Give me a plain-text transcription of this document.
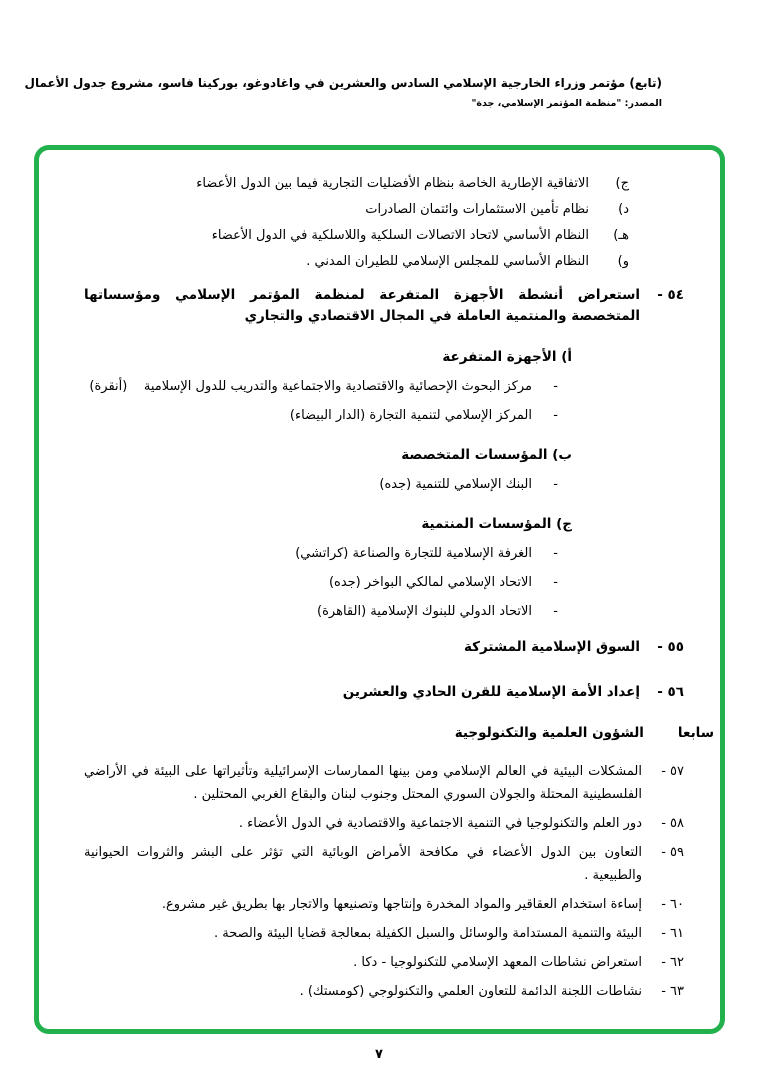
(تابع) مؤتمر وزراء الخارجية الإسلامي السادس والعشرين في واغادوغو، بوركينا فاسو، مشروع جدول الأعمال
المصدر: "منظمة المؤتمر الإسلامي، جدة"
ج)
الاتفاقية الإطارية الخاصة بنظام الأفضليات التجارية فيما بين الدول الأعضاء
د)
نظام تأمين الاستثمارات وائتمان الصادرات
هـ)
النظام الأساسي لاتحاد الاتصالات السلكية واللاسلكية في الدول الأعضاء
و)
النظام الأساسي للمجلس الإسلامي للطيران المدني .
٥٤ -
استعراض أنشطة الأجهزة المتفرعة لمنظمة المؤتمر الإسلامي ومؤسساتها المتخصصة والمنتمية العاملة في المجال الاقتصادي والتجاري
أ) الأجهزة المتفرعة
-
مركز البحوث الإحصائية والاقتصادية والاجتماعية والتدريب للدول الإسلامية    (أنقرة)
-
المركز الإسلامي لتنمية التجارة (الدار البيضاء)
ب) المؤسسات المتخصصة
-
البنك الإسلامي للتنمية (جده)
ج) المؤسسات المنتمية
-
الغرفة الإسلامية للتجارة والصناعة (كراتشي)
-
الاتحاد الإسلامي لمالكي البواخر (جده)
-
الاتحاد الدولي للبنوك الإسلامية (القاهرة)
٥٥ -
السوق الإسلامية المشتركة
٥٦ -
إعداد الأمة الإسلامية للقرن الحادي والعشرين
سابعا
الشؤون العلمية والتكنولوجية
٥٧ -
المشكلات البيئية في العالم الإسلامي ومن بينها الممارسات الإسرائيلية وتأثيراتها على البيئة في الأراضي الفلسطينية المحتلة والجولان السوري المحتل وجنوب لبنان والبقاع الغربي المحتلين .
٥٨ -
دور العلم والتكنولوجيا في التنمية الاجتماعية والاقتصادية في الدول الأعضاء .
٥٩ -
التعاون بين الدول الأعضاء في مكافحة الأمراض الوبائية التي تؤثر على البشر والثروات الحيوانية والطبيعية .
٦٠ -
إساءة استخدام العقاقير والمواد المخدرة وإنتاجها وتصنيعها والاتجار بها بطريق غير مشروع.
٦١ -
البيئة والتنمية المستدامة والوسائل والسبل الكفيلة بمعالجة قضايا البيئة والصحة .
٦٢ -
استعراض نشاطات المعهد الإسلامي للتكنولوجيا - دكا .
٦٣ -
نشاطات اللجنة الدائمة للتعاون العلمي والتكنولوجي (كومستك) .
٧
